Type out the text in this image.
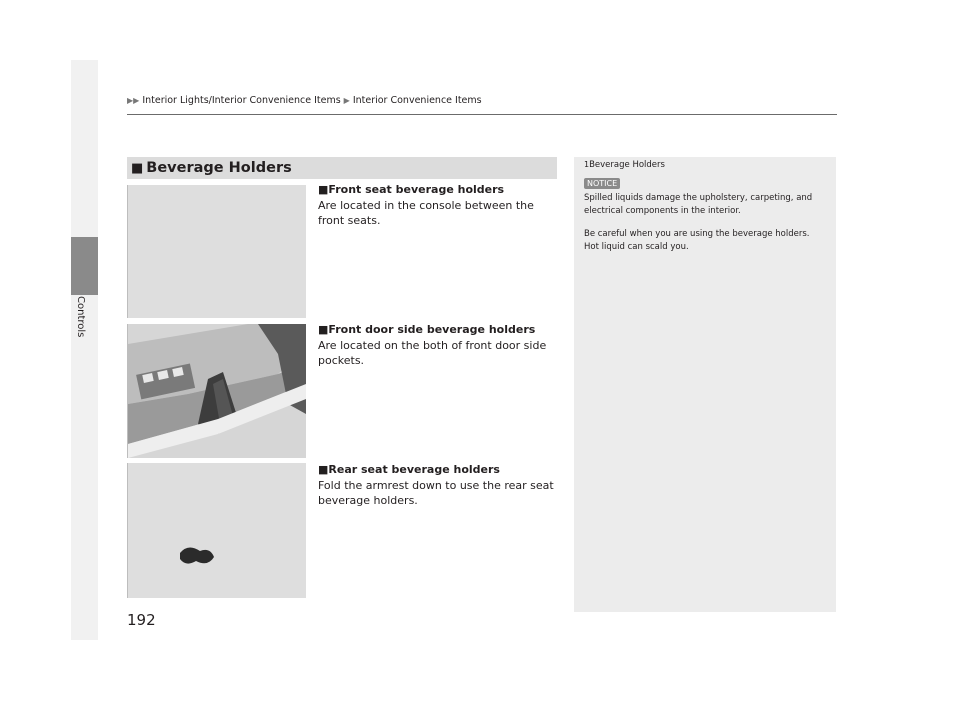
Controls
▶▶ Interior Lights/Interior Convenience Items ▶ Interior Convenience Items
■ Beverage Holders
■Front seat beverage holders
Are located in the console between the front seats.
■Front door side beverage holders
Are located on the both of front door side pockets.
■Rear seat beverage holders
Fold the armrest down to use the rear seat beverage holders.
1Beverage Holders
NOTICE

Spilled liquids damage the upholstery, carpeting, and electrical components in the interior.

Be careful when you are using the beverage holders. Hot liquid can scald you.

192
